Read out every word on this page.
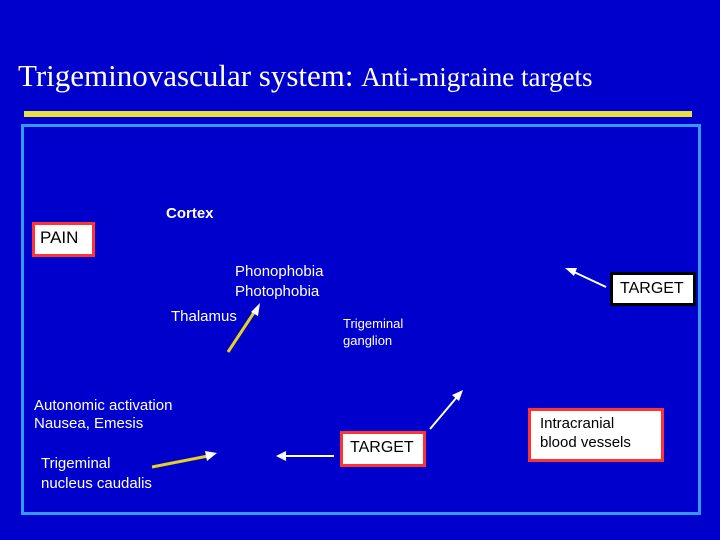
Trigeminovascular system: Anti-migraine targets
Cortex
PAIN
Phonophobia
Photophobia
Thalamus	Trigeminal
ganglion
TARGET
Autonomic activation
Nausea, Emesis
Trigeminal
nucleus caudalis
TARGET
Intracranial
blood vessels
